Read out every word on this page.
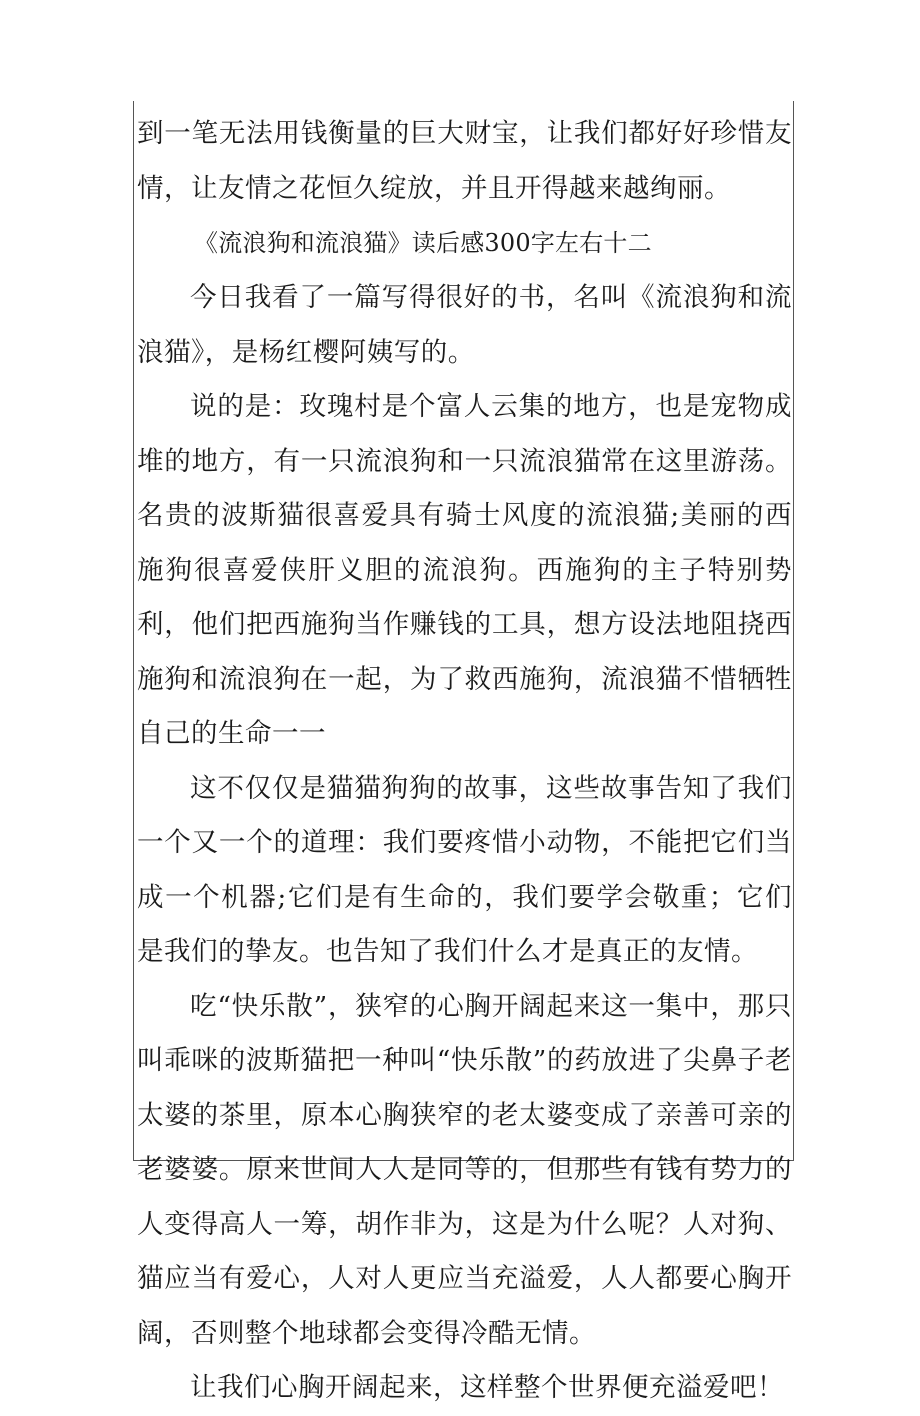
到一笔无法用钱衡量的巨大财宝，让我们都好好珍惜友情，让友情之花恒久绽放，并且开得越来越绚丽。

《流浪狗和流浪猫》读后感300字左右十二

今日我看了一篇写得很好的书，名叫《流浪狗和流浪猫》，是杨红樱阿姨写的。

说的是：玫瑰村是个富人云集的地方，也是宠物成堆的地方，有一只流浪狗和一只流浪猫常在这里游荡。名贵的波斯猫很喜爱具有骑士风度的流浪猫;美丽的西施狗很喜爱侠肝义胆的流浪狗。西施狗的主子特别势利，他们把西施狗当作赚钱的工具，想方设法地阻挠西施狗和流浪狗在一起，为了救西施狗，流浪猫不惜牺牲自己的生命一一

这不仅仅是猫猫狗狗的故事，这些故事告知了我们一个又一个的道理：我们要疼惜小动物，不能把它们当成一个机器;它们是有生命的，我们要学会敬重；它们是我们的挚友。也告知了我们什么才是真正的友情。

吃“快乐散”，狭窄的心胸开阔起来这一集中，那只叫乖咪的波斯猫把一种叫“快乐散”的药放进了尖鼻子老太婆的茶里，原本心胸狭窄的老太婆变成了亲善可亲的老婆婆。原来世间人人是同等的，但那些有钱有势力的人变得高人一筹，胡作非为，这是为什么呢？人对狗、猫应当有爱心，人对人更应当充溢爱，人人都要心胸开阔，否则整个地球都会变得冷酷无情。

让我们心胸开阔起来，这样整个世界便充溢爱吧！
